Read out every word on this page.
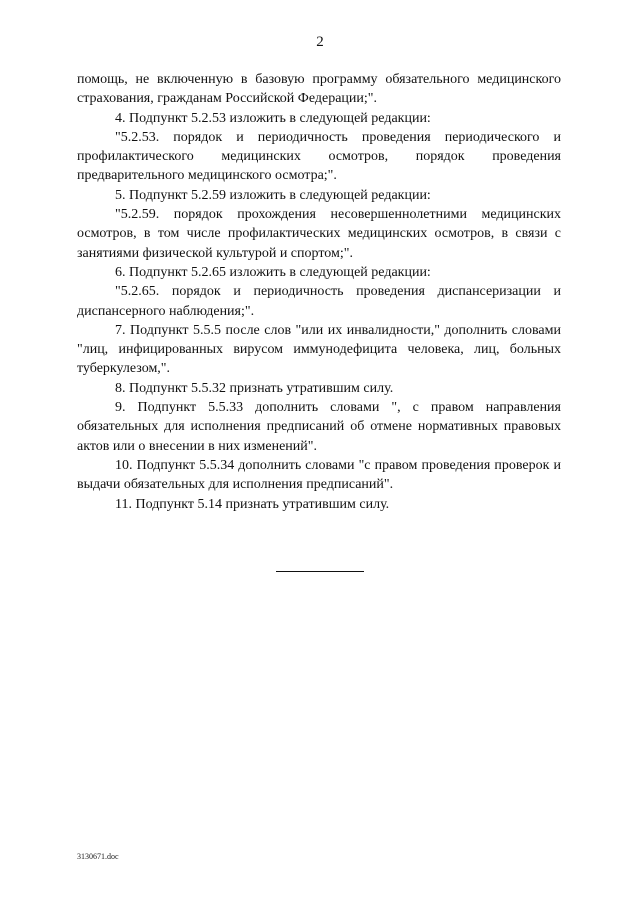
2

помощь, не включенную в базовую программу обязательного медицинского страхования, гражданам Российской Федерации;".

4. Подпункт 5.2.53 изложить в следующей редакции:

"5.2.53. порядок и периодичность проведения периодического и профилактического медицинских осмотров, порядок проведения предварительного медицинского осмотра;".

5. Подпункт 5.2.59 изложить в следующей редакции:

"5.2.59. порядок прохождения несовершеннолетними медицинских осмотров, в том числе профилактических медицинских осмотров, в связи с занятиями физической культурой и спортом;".

6. Подпункт 5.2.65 изложить в следующей редакции:

"5.2.65. порядок и периодичность проведения диспансеризации и диспансерного наблюдения;".

7. Подпункт 5.5.5 после слов "или их инвалидности," дополнить словами "лиц, инфицированных вирусом иммунодефицита человека, лиц, больных туберкулезом,".

8. Подпункт 5.5.32 признать утратившим силу.

9. Подпункт 5.5.33 дополнить словами ", с правом направления обязательных для исполнения предписаний об отмене нормативных правовых актов или о внесении в них изменений".

10. Подпункт 5.5.34 дополнить словами "с правом проведения проверок и выдачи обязательных для исполнения предписаний".

11. Подпункт 5.14 признать утратившим силу.

3130671.doc
